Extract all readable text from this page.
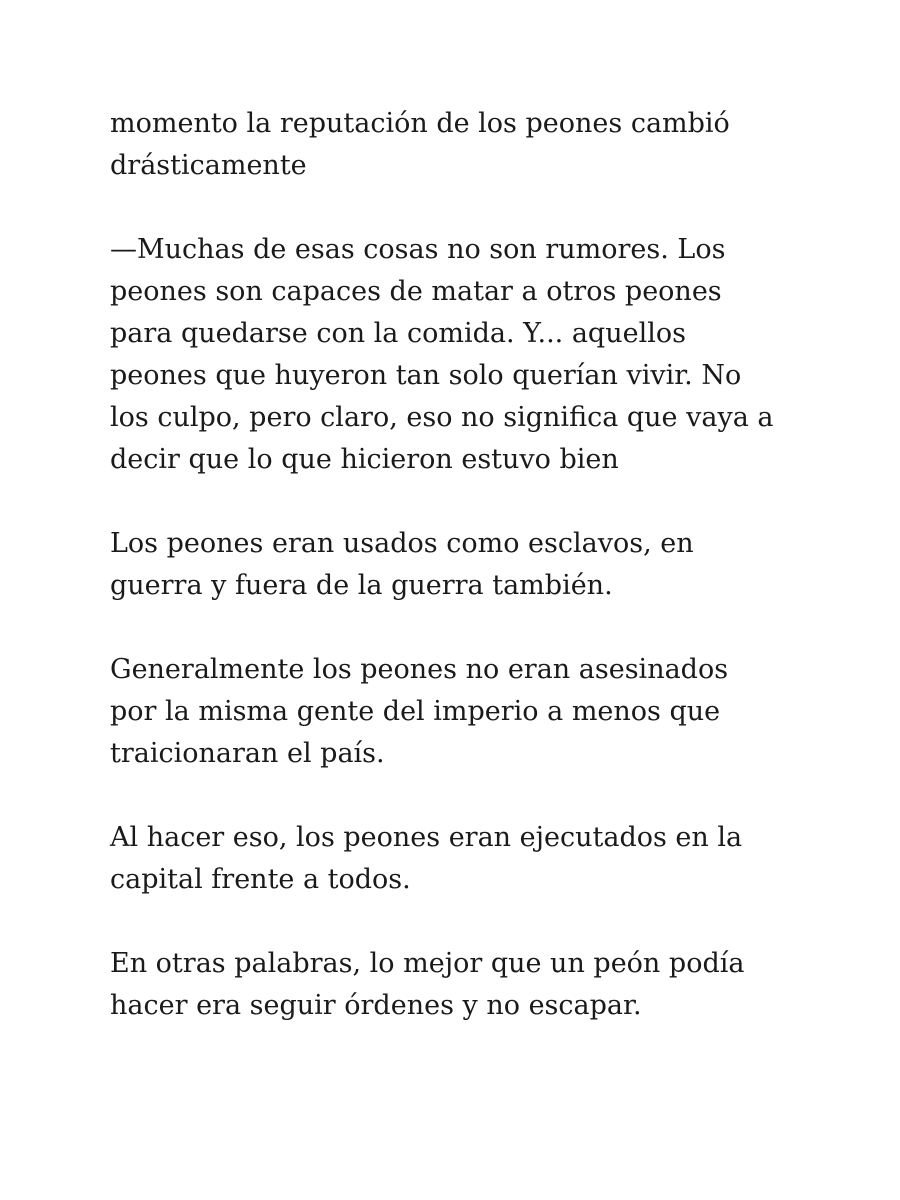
momento la reputación de los peones cambió
drásticamente

—Muchas de esas cosas no son rumores. Los
peones son capaces de matar a otros peones
para quedarse con la comida. Y... aquellos
peones que huyeron tan solo querían vivir. No
los culpo, pero claro, eso no significa que vaya a
decir que lo que hicieron estuvo bien

Los peones eran usados como esclavos, en
guerra y fuera de la guerra también.

Generalmente los peones no eran asesinados
por la misma gente del imperio a menos que
traicionaran el país.

Al hacer eso, los peones eran ejecutados en la
capital frente a todos.

En otras palabras, lo mejor que un peón podía
hacer era seguir órdenes y no escapar.
